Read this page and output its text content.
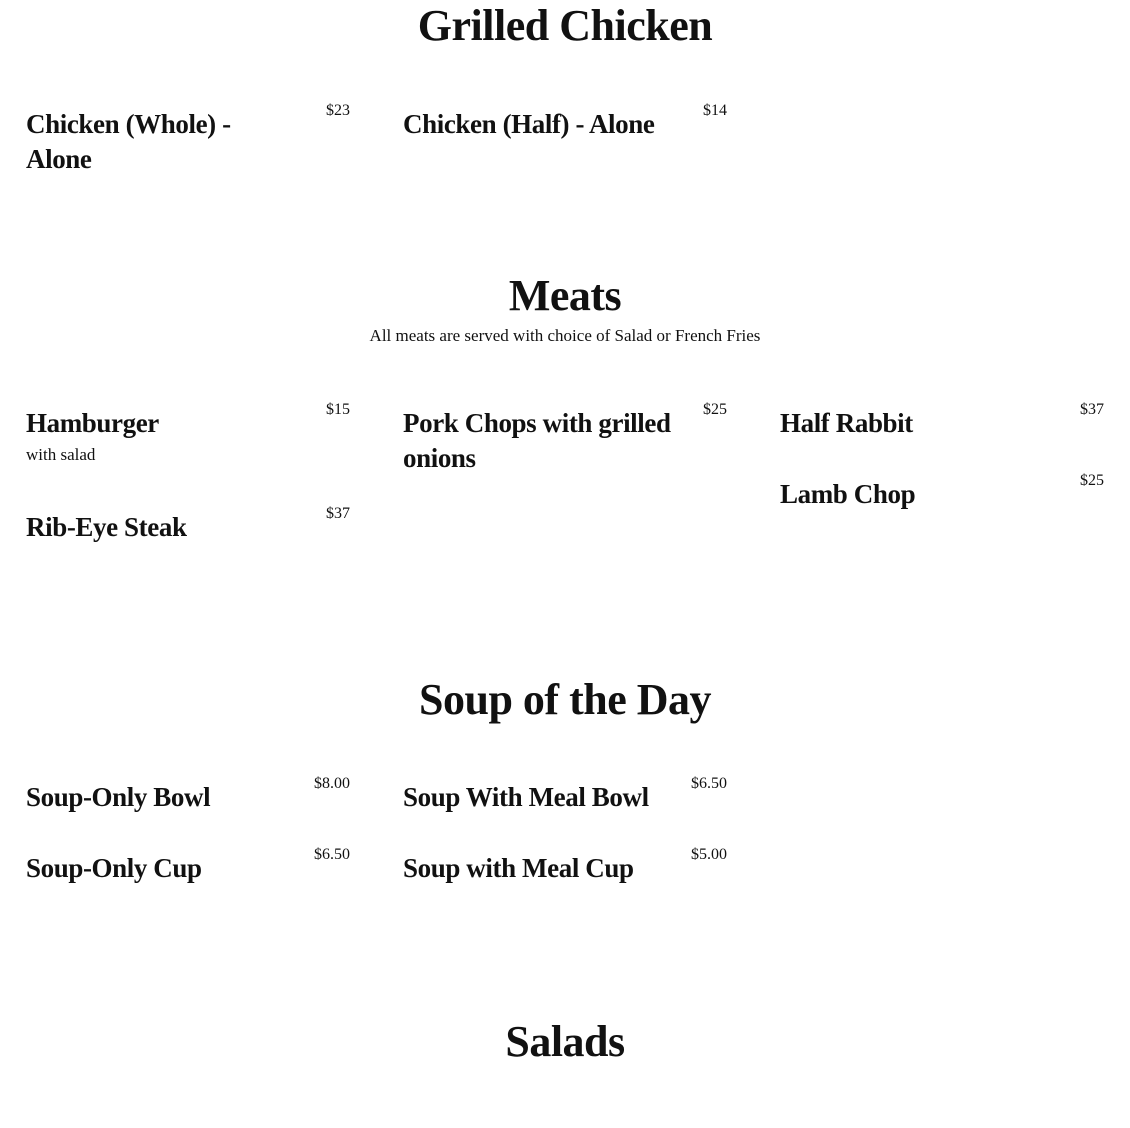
Grilled Chicken
Chicken (Whole) - Alone
$23 Chicken (Half) - Alone	$14
Meats

All meats are served with choice of Salad or French Fries

Hamburger	$15
with salad
Rib-Eye Steak	$37
Pork Chops with grilled onions
$25 Half Rabbit	$37
Lamb Chop	$25
Soup of the Day
Soup-Only Bowl	$8.00
Soup-Only Cup	$6.50
Soup With Meal Bowl	$6.50
Soup with Meal Cup	$5.00
Salads
